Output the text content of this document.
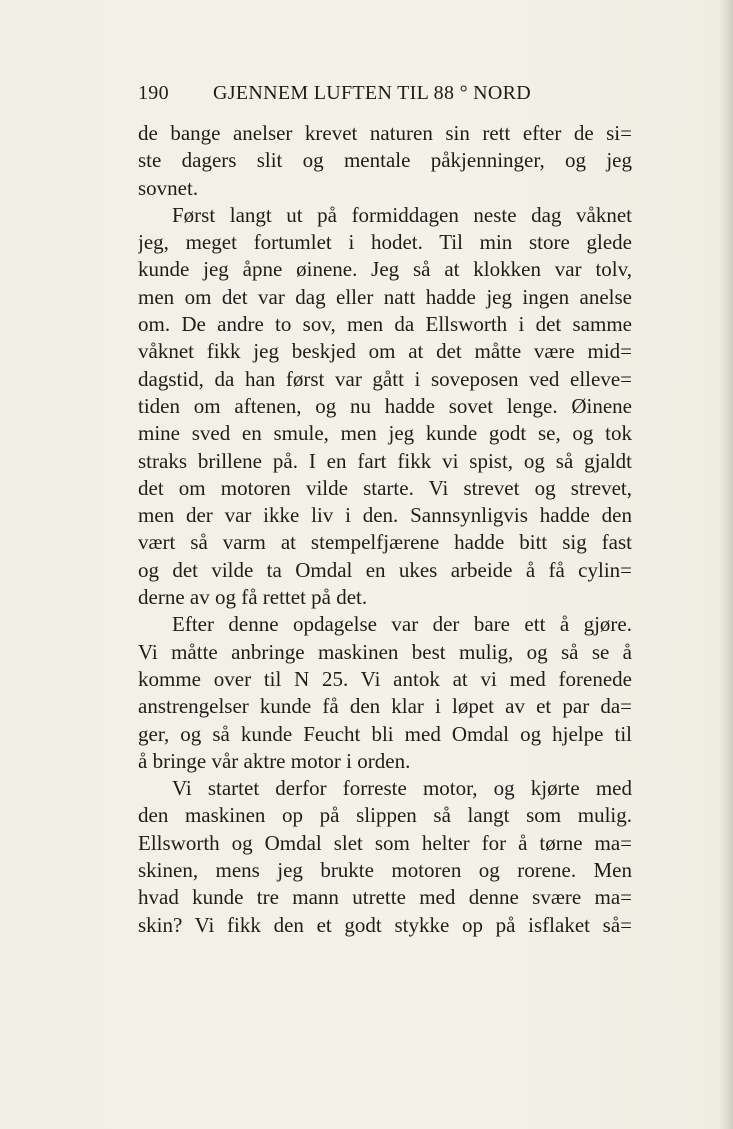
190 GJENNEM LUFTEN TIL 88 ° NORD
de bange anelser krevet naturen sin rett efter de si=
ste dagers slit og mentale påkjenninger, og jeg
sovnet.
Først langt ut på formiddagen neste dag våknet
jeg, meget fortumlet i hodet. Til min store glede
kunde jeg åpne øinene. Jeg så at klokken var tolv,
men om det var dag eller natt hadde jeg ingen anelse
om. De andre to sov, men da Ellsworth i det samme
våknet fikk jeg beskjed om at det måtte være mid=
dagstid, da han først var gått i soveposen ved elleve=
tiden om aftenen, og nu hadde sovet lenge. Øinene
mine sved en smule, men jeg kunde godt se, og tok
straks brillene på. I en fart fikk vi spist, og så gjaldt
det om motoren vilde starte. Vi strevet og strevet,
men der var ikke liv i den. Sannsynligvis hadde den
vært så varm at stempelfjærene hadde bitt sig fast
og det vilde ta Omdal en ukes arbeide å få cylin=
derne av og få rettet på det.
Efter denne opdagelse var der bare ett å gjøre.
Vi måtte anbringe maskinen best mulig, og så se å
komme over til N 25. Vi antok at vi med forenede
anstrengelser kunde få den klar i løpet av et par da=
ger, og så kunde Feucht bli med Omdal og hjelpe til
å bringe vår aktre motor i orden.
Vi startet derfor forreste motor, og kjørte med
den maskinen op på slippen så langt som mulig.
Ellsworth og Omdal slet som helter for å tørne ma=
skinen, mens jeg brukte motoren og rorene. Men
hvad kunde tre mann utrette med denne svære ma=
skin? Vi fikk den et godt stykke op på isflaket så=
